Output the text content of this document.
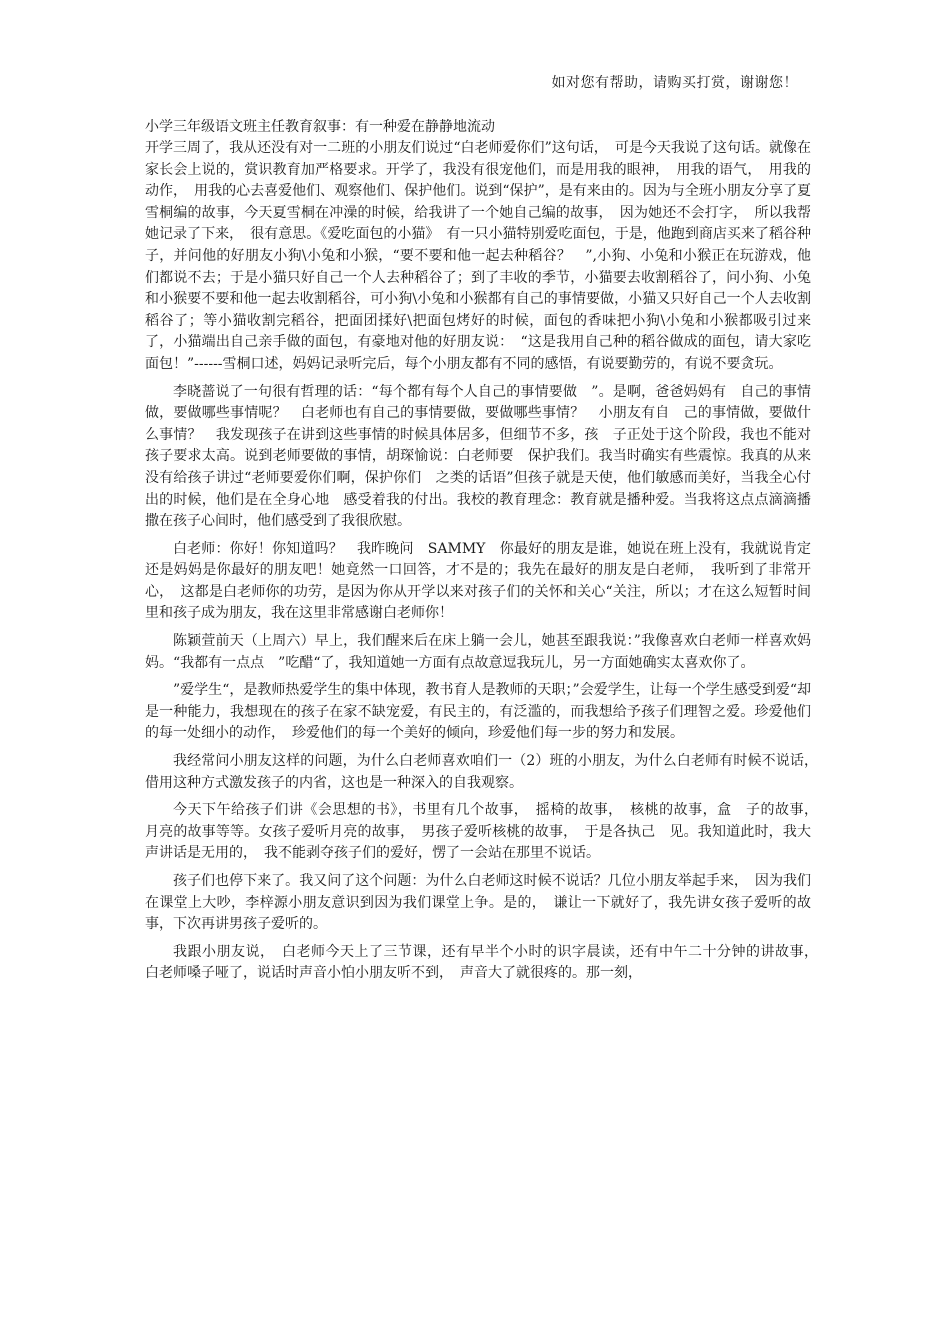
如对您有帮助，请购买打赏，谢谢您！
小学三年级语文班主任教育叙事：有一种爱在静静地流动

开学三周了，我从还没有对一二班的小朋友们说过“白老师爱你们”这句话，　可是今天我说了这句话。就像在家长会上说的，赏识教育加严格要求。开学了，我没有很宠他们，而是用我的眼神，　用我的语气，　用我的动作，　用我的心去喜爱他们、观察他们、保护他们。说到“保护”，是有来由的。因为与全班小朋友分享了夏雪桐编的故事，今天夏雪桐在冲澡的时候，给我讲了一个她自己编的故事，　因为她还不会打字，　所以我帮她记录了下来，　很有意思。《爱吃面包的小猫》　有一只小猫特别爱吃面包，于是，他跑到商店买来了稻谷种子，并问他的好朋友小狗\小兔和小猴，“要不要和他一起去种稻谷？　”,小狗、小兔和小猴正在玩游戏，他们都说不去；于是小猫只好自己一个人去种稻谷了；到了丰收的季节，小猫要去收割稻谷了，问小狗、小兔和小猴要不要和他一起去收割稻谷，可小狗\小兔和小猴都有自己的事情要做，小猫又只好自己一个人去收割稻谷了；等小猫收割完稻谷，把面团揉好\把面包烤好的时候，面包的香味把小狗\小兔和小猴都吸引过来了，小猫端出自己亲手做的面包，有豪地对他的好朋友说：　“这是我用自己种的稻谷做成的面包，请大家吃面包！”------雪桐口述，妈妈记录听完后，每个小朋友都有不同的感悟，有说要勤劳的，有说不要贪玩。

李晓蔷说了一句很有哲理的话：“每个都有每个人自己的事情要做　”。是啊，爸爸妈妈有　自己的事情做，要做哪些事情呢？　白老师也有自己的事情要做，要做哪些事情？　小朋友有自　己的事情做，要做什么事情？　我发现孩子在讲到这些事情的时候具体居多，但细节不多，孩　子正处于这个阶段，我也不能对孩子要求太高。说到老师要做的事情，胡琛愉说：白老师要　保护我们。我当时确实有些震惊。我真的从来没有给孩子讲过“老师要爱你们啊，保护你们　之类的话语”但孩子就是天使，他们敏感而美好，当我全心付出的时候，他们是在全身心地　感受着我的付出。我校的教育理念：教育就是播种爱。当我将这点点滴滴播撒在孩子心间时，他们感受到了我很欣慰。

白老师：你好！你知道吗？　我昨晚问　SAMMY　你最好的朋友是谁，她说在班上没有，我就说肯定还是妈妈是你最好的朋友吧！她竟然一口回答，才不是的；我先在最好的朋友是白老师，　我听到了非常开心，　这都是白老师你的功劳，是因为你从开学以来对孩子们的关怀和关心“关注，所以；才在这么短暂时间里和孩子成为朋友，我在这里非常感谢白老师你！

陈颖萱前天（上周六）早上，我们醒来后在床上躺一会儿，她甚至跟我说：”我像喜欢白老师一样喜欢妈妈。“我都有一点点　”吃醋“了，我知道她一方面有点故意逗我玩儿，另一方面她确实太喜欢你了。

”爱学生“，是教师热爱学生的集中体现，教书育人是教师的天职；”会爱学生，让每一个学生感受到爱“却是一种能力，我想现在的孩子在家不缺宠爱，有民主的，有泛滥的，而我想给予孩子们理智之爱。珍爱他们的每一处细小的动作，　珍爱他们的每一个美好的倾向，珍爱他们每一步的努力和发展。

我经常问小朋友这样的问题，为什么白老师喜欢咱们一（2）班的小朋友，为什么白老师有时候不说话，　借用这种方式激发孩子的内省，这也是一种深入的自我观察。

今天下午给孩子们讲《会思想的书》，书里有几个故事，　摇椅的故事，　核桃的故事，盒　子的故事，　月亮的故事等等。女孩子爱听月亮的故事，　男孩子爱听核桃的故事，　于是各执己　见。我知道此时，我大声讲话是无用的，　我不能剥夺孩子们的爱好，愣了一会站在那里不说话。

孩子们也停下来了。我又问了这个问题：为什么白老师这时候不说话？几位小朋友举起手来，　因为我们在课堂上大吵，李梓源小朋友意识到因为我们课堂上争。是的，　谦让一下就好了，我先讲女孩子爱听的故事，下次再讲男孩子爱听的。

我跟小朋友说，　白老师今天上了三节课，还有早半个小时的识字晨读，还有中午二十分钟的讲故事，　白老师嗓子哑了，说话时声音小怕小朋友听不到，　声音大了就很疼的。那一刻，
